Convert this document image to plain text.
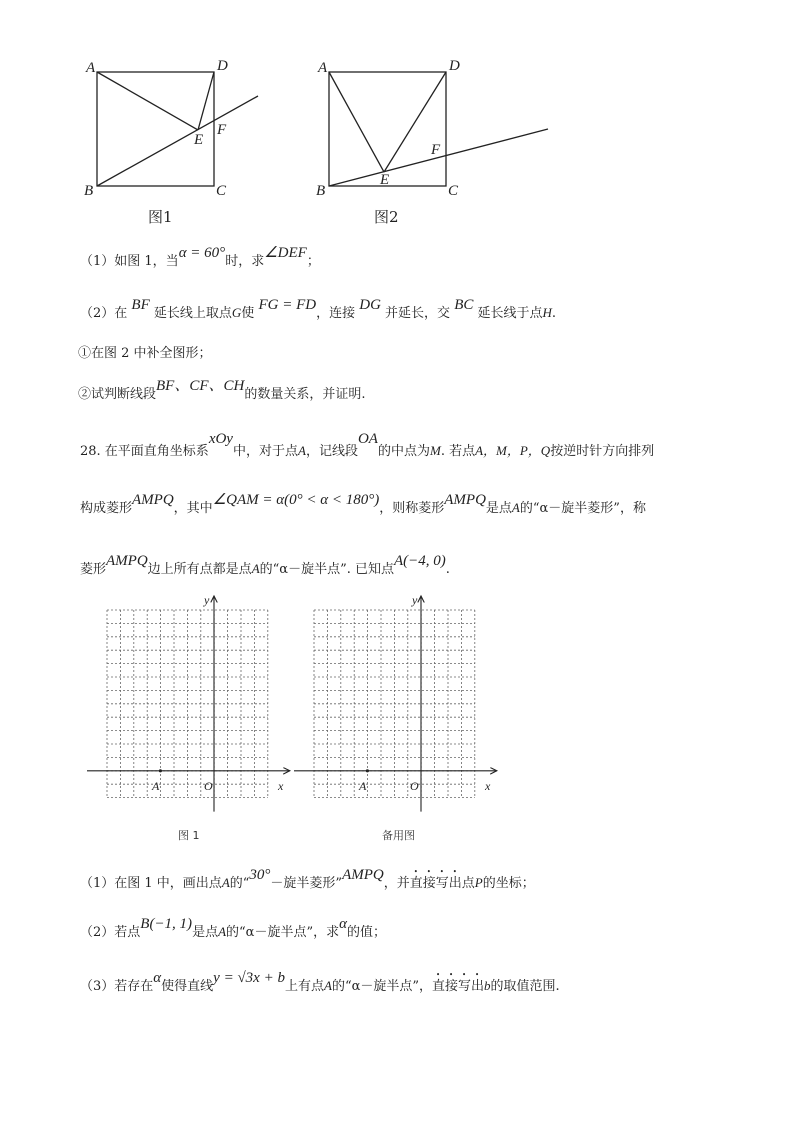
A	D
B	C
E
F
图1
A	D
B	C
E
F
图2
（1）如图 1，当α = 60°时，求∠DEF；
（2）在 BF 延长线上取点G使 FG = FD，连接 DG 并延长，交 BC 延长线于点H.
①在图 2 中补全图形；
②试判断线段BF、CF、CH的数量关系，并证明.
28. 在平面直角坐标系xOy中，对于点A，记线段OA的中点为M. 若点A，M，P，Q按逆时针方向排列
构成菱形AMPQ，其中∠QAM = α(0° < α < 180°)，则称菱形AMPQ是点A的“α－旋半菱形”，称
菱形AMPQ边上所有点都是点A的“α－旋半点”. 已知点A(−4, 0).
y
x
O
A
图 1
y
x
O
A
备用图
（1）在图 1 中，画出点A的“30°－旋半菱形”AMPQ，并直接写出点P的坐标；
（2）若点B(−1, 1)是点A的“α－旋半点”，求α的值；
（3）若存在α使得直线y = √3x + b上有点A的“α－旋半点”，直接写出b的取值范围.
